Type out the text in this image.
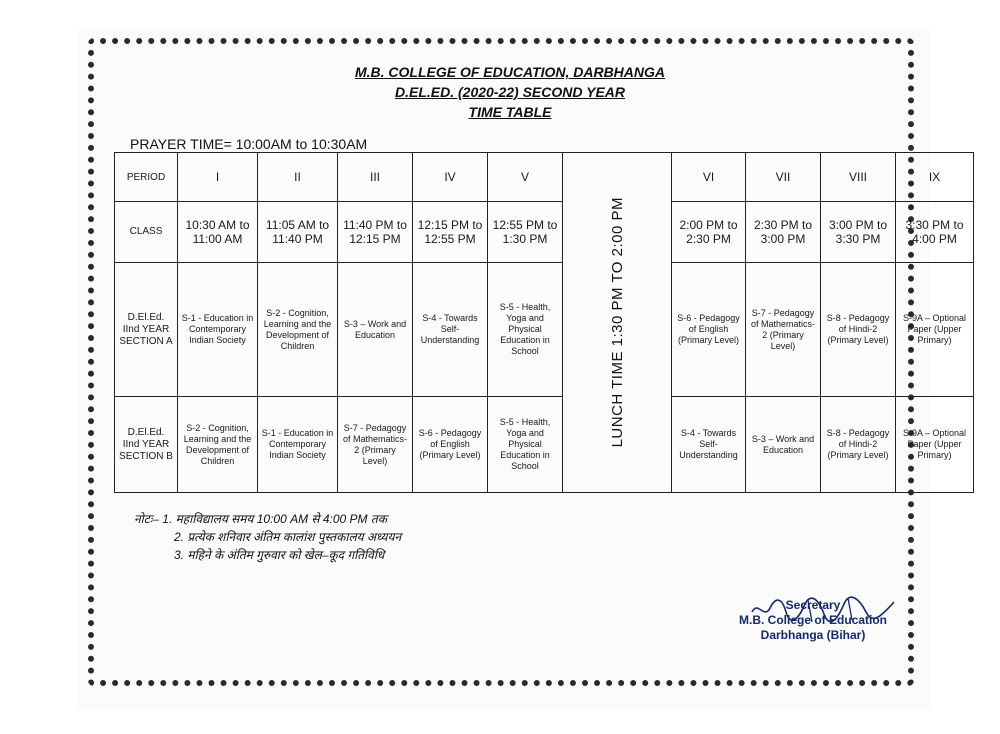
M.B. COLLEGE OF EDUCATION, DARBHANGA
D.EL.ED. (2020-22) SECOND YEAR
TIME TABLE
PRAYER TIME= 10:00AM to 10:30AM
PERIOD	I	II	III	IV	V	LUNCH TIME 1:30 PM TO 2:00 PM	VI	VII	VIII	IX
CLASS	10:30 AM to 11:00 AM	11:05 AM to 11:40 PM	11:40 PM to 12:15 PM	12:15 PM to 12:55 PM	12:55 PM to 1:30 PM		2:00 PM to 2:30 PM	2:30 PM to 3:00 PM	3:00 PM to 3:30 PM	3:30 PM to 4:00 PM
D.El.Ed. IInd YEAR SECTION A	S-1 - Education in Contemporary Indian Society	S-2 - Cognition, Learning and the Development of Children	S-3 – Work and Education	S-4 - Towards Self-Understanding	S-5 - Health, Yoga and Physical Education in School		S-6 - Pedagogy of English (Primary Level)	S-7 - Pedagogy of Mathematics-2 (Primary Level)	S-8 - Pedagogy of Hindi-2 (Primary Level)	S-9A – Optional Paper (Upper Primary)
D.El.Ed. IInd YEAR SECTION B	S-2 - Cognition, Learning and the Development of Children	S-1 - Education in Contemporary Indian Society	S-7 - Pedagogy of Mathematics-2 (Primary Level)	S-6 - Pedagogy of English (Primary Level)	S-5 - Health, Yoga and Physical Education in School		S-4 - Towards Self-Understanding	S-3 – Work and Education	S-8 - Pedagogy of Hindi-2 (Primary Level)	S-9A – Optional Paper (Upper Primary)
नोटः– 1. महाविद्यालय समय 10:00 AM से 4:00 PM तक
2. प्रत्येक शनिवार अंतिम कालांश पुस्तकालय अध्ययन
3. महिने के अंतिम गुरुवार को खेल–कूद गतिविधि
Secretary
M.B. College of Education
Darbhanga (Bihar)
